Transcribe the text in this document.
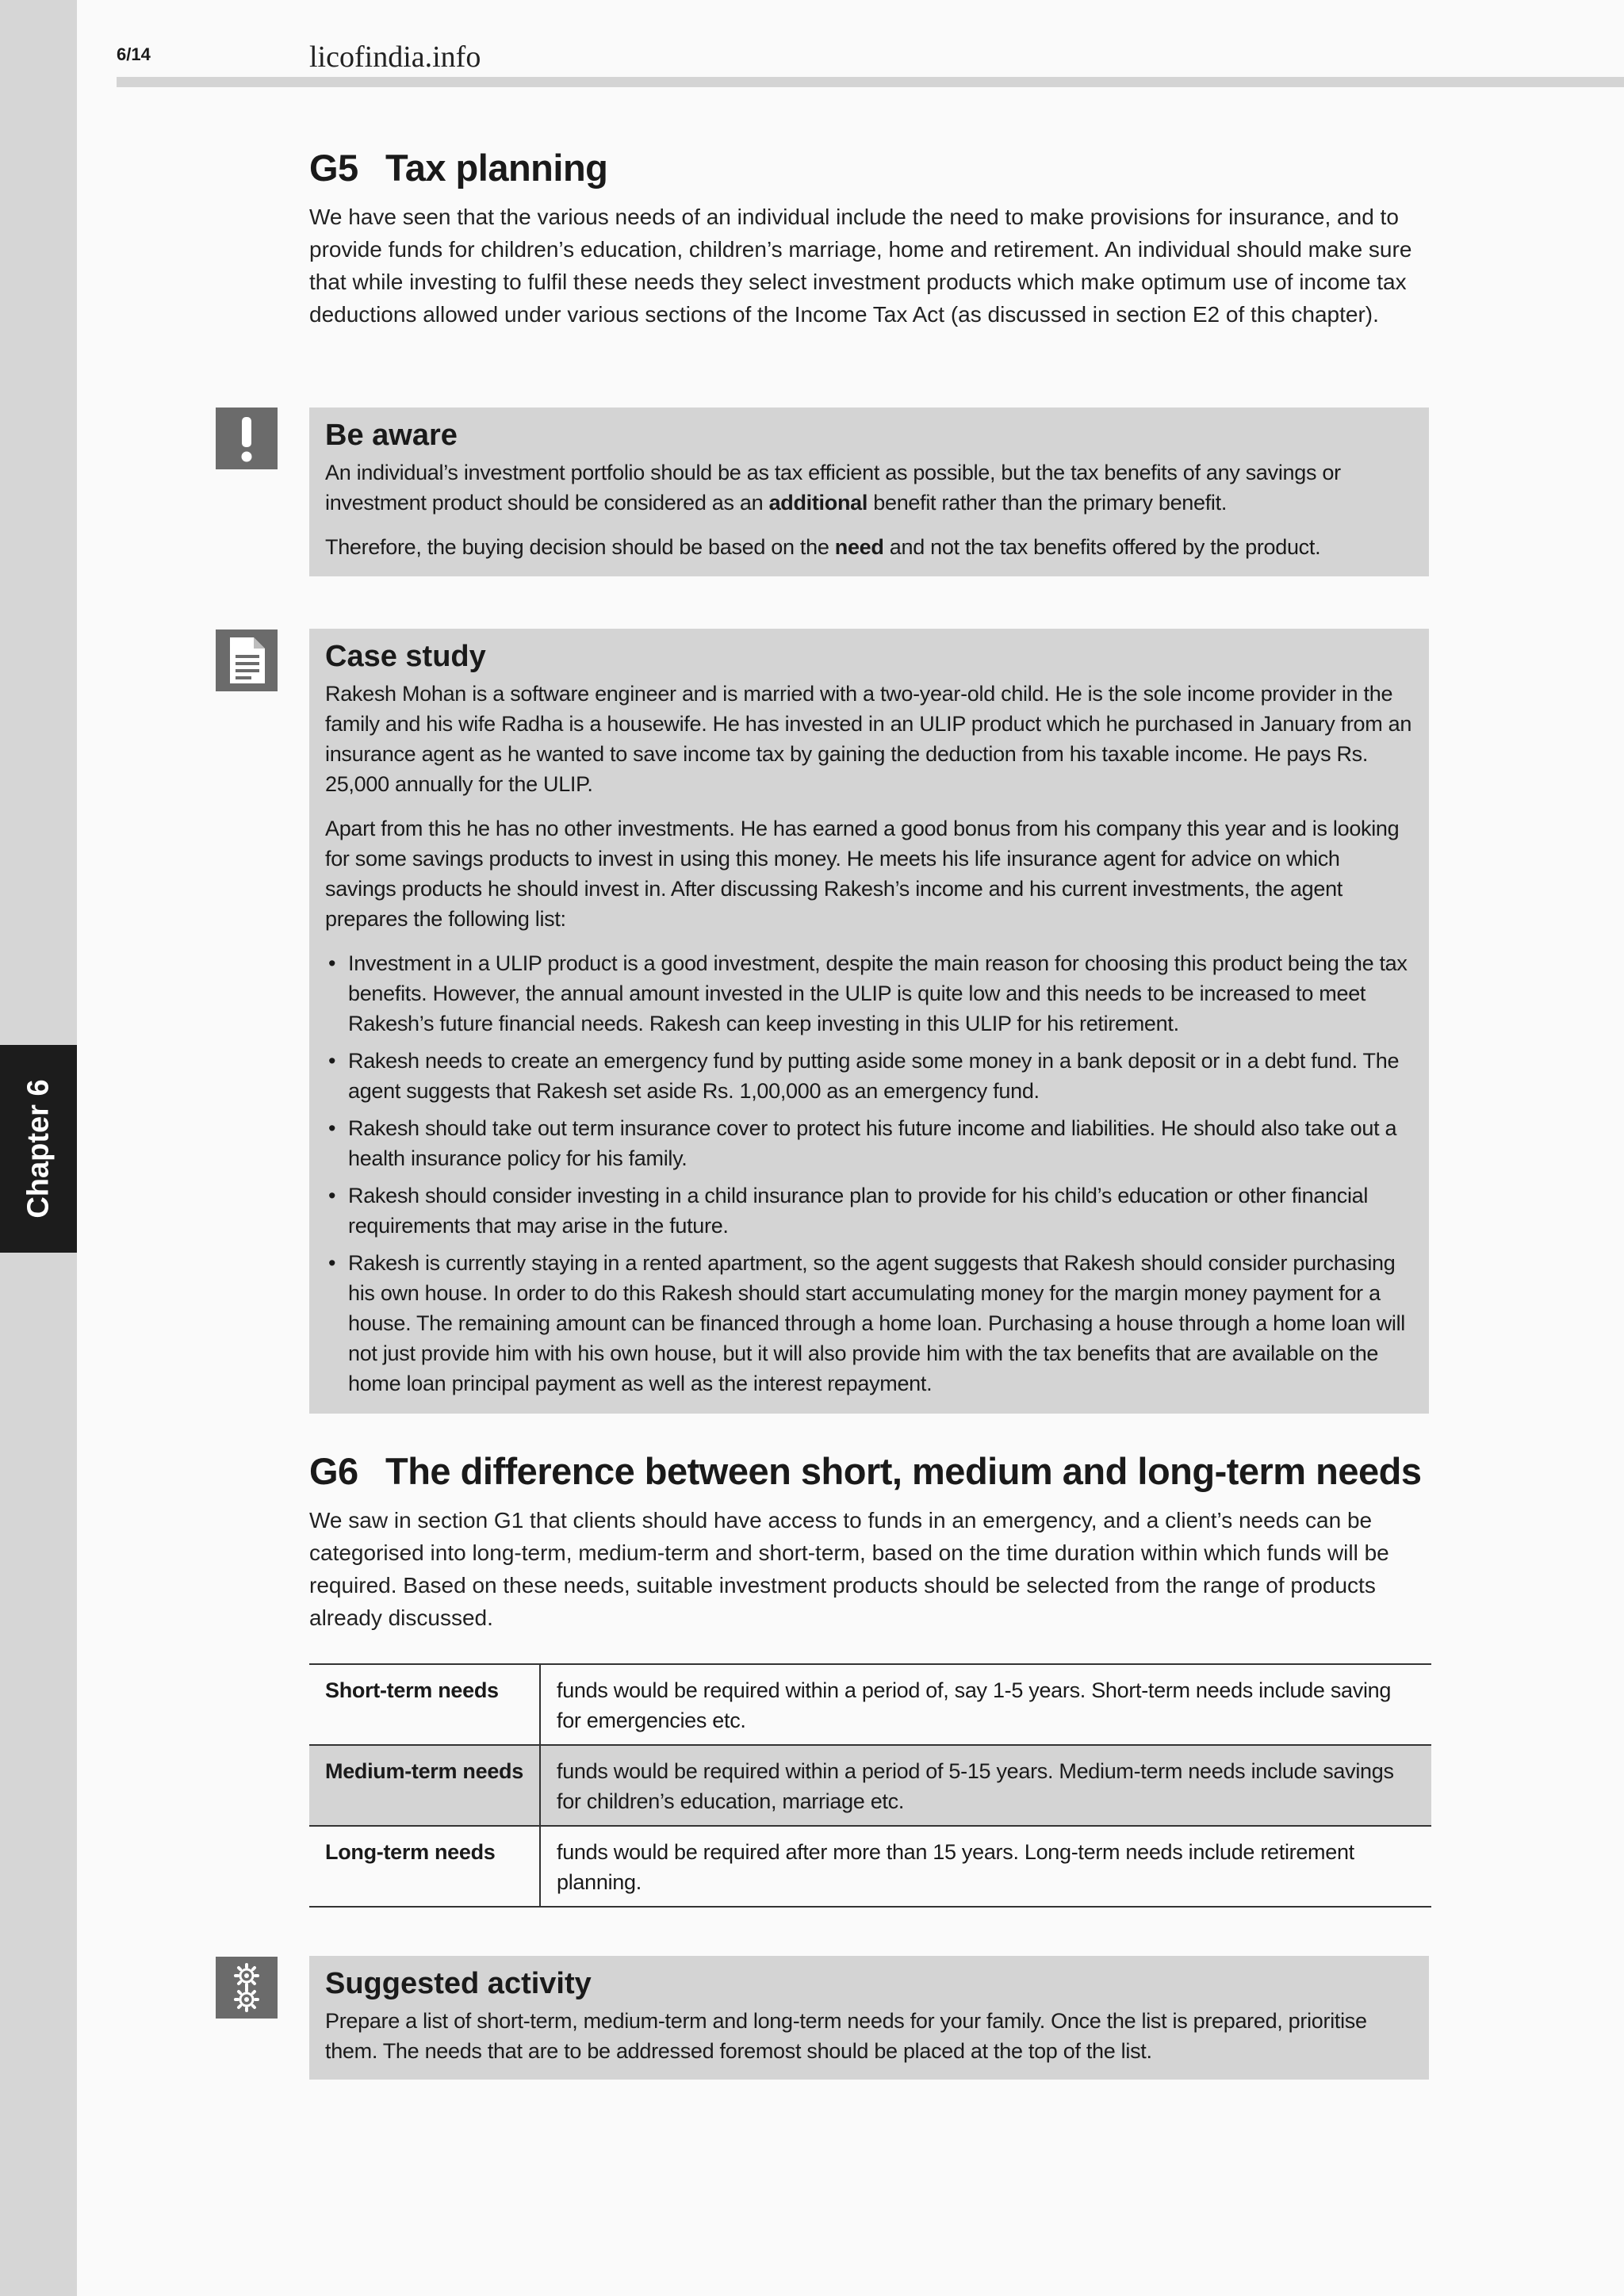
Chapter 6
6/14	licofindia.info
G5 Tax planning

We have seen that the various needs of an individual include the need to make provisions for insurance, and to provide funds for children’s education, children’s marriage, home and retirement. An individual should make sure that while investing to fulfil these needs they select investment products which make optimum use of income tax deductions allowed under various sections of the Income Tax Act (as discussed in section E2 of this chapter).

Be aware

An individual’s investment portfolio should be as tax efficient as possible, but the tax benefits of any savings or investment product should be considered as an additional benefit rather than the primary benefit.

Therefore, the buying decision should be based on the need and not the tax benefits offered by the product.

Case study

Rakesh Mohan is a software engineer and is married with a two-year-old child. He is the sole income provider in the family and his wife Radha is a housewife. He has invested in an ULIP product which he purchased in January from an insurance agent as he wanted to save income tax by gaining the deduction from his taxable income. He pays Rs. 25,000 annually for the ULIP.

Apart from this he has no other investments. He has earned a good bonus from his company this year and is looking for some savings products to invest in using this money. He meets his life insurance agent for advice on which savings products he should invest in. After discussing Rakesh’s income and his current investments, the agent prepares the following list:

• Investment in a ULIP product is a good investment, despite the main reason for choosing this product being the tax benefits. However, the annual amount invested in the ULIP is quite low and this needs to be increased to meet Rakesh’s future financial needs. Rakesh can keep investing in this ULIP for his retirement.
• Rakesh needs to create an emergency fund by putting aside some money in a bank deposit or in a debt fund. The agent suggests that Rakesh set aside Rs. 1,00,000 as an emergency fund.
• Rakesh should take out term insurance cover to protect his future income and liabilities. He should also take out a health insurance policy for his family.
• Rakesh should consider investing in a child insurance plan to provide for his child’s education or other financial requirements that may arise in the future.
• Rakesh is currently staying in a rented apartment, so the agent suggests that Rakesh should consider purchasing his own house. In order to do this Rakesh should start accumulating money for the margin money payment for a house. The remaining amount can be financed through a home loan. Purchasing a house through a home loan will not just provide him with his own house, but it will also provide him with the tax benefits that are available on the home loan principal payment as well as the interest repayment.
G6 The difference between short, medium and long-term needs

We saw in section G1 that clients should have access to funds in an emergency, and a client’s needs can be categorised into long-term, medium-term and short-term, based on the time duration within which funds will be required. Based on these needs, suitable investment products should be selected from the range of products already discussed.

Short-term needs	funds would be required within a period of, say 1-5 years. Short-term needs include saving for emergencies etc.
Medium-term needs	funds would be required within a period of 5-15 years. Medium-term needs include savings for children’s education, marriage etc.
Long-term needs	funds would be required after more than 15 years. Long-term needs include retirement planning.
Suggested activity

Prepare a list of short-term, medium-term and long-term needs for your family. Once the list is prepared, prioritise them. The needs that are to be addressed foremost should be placed at the top of the list.
